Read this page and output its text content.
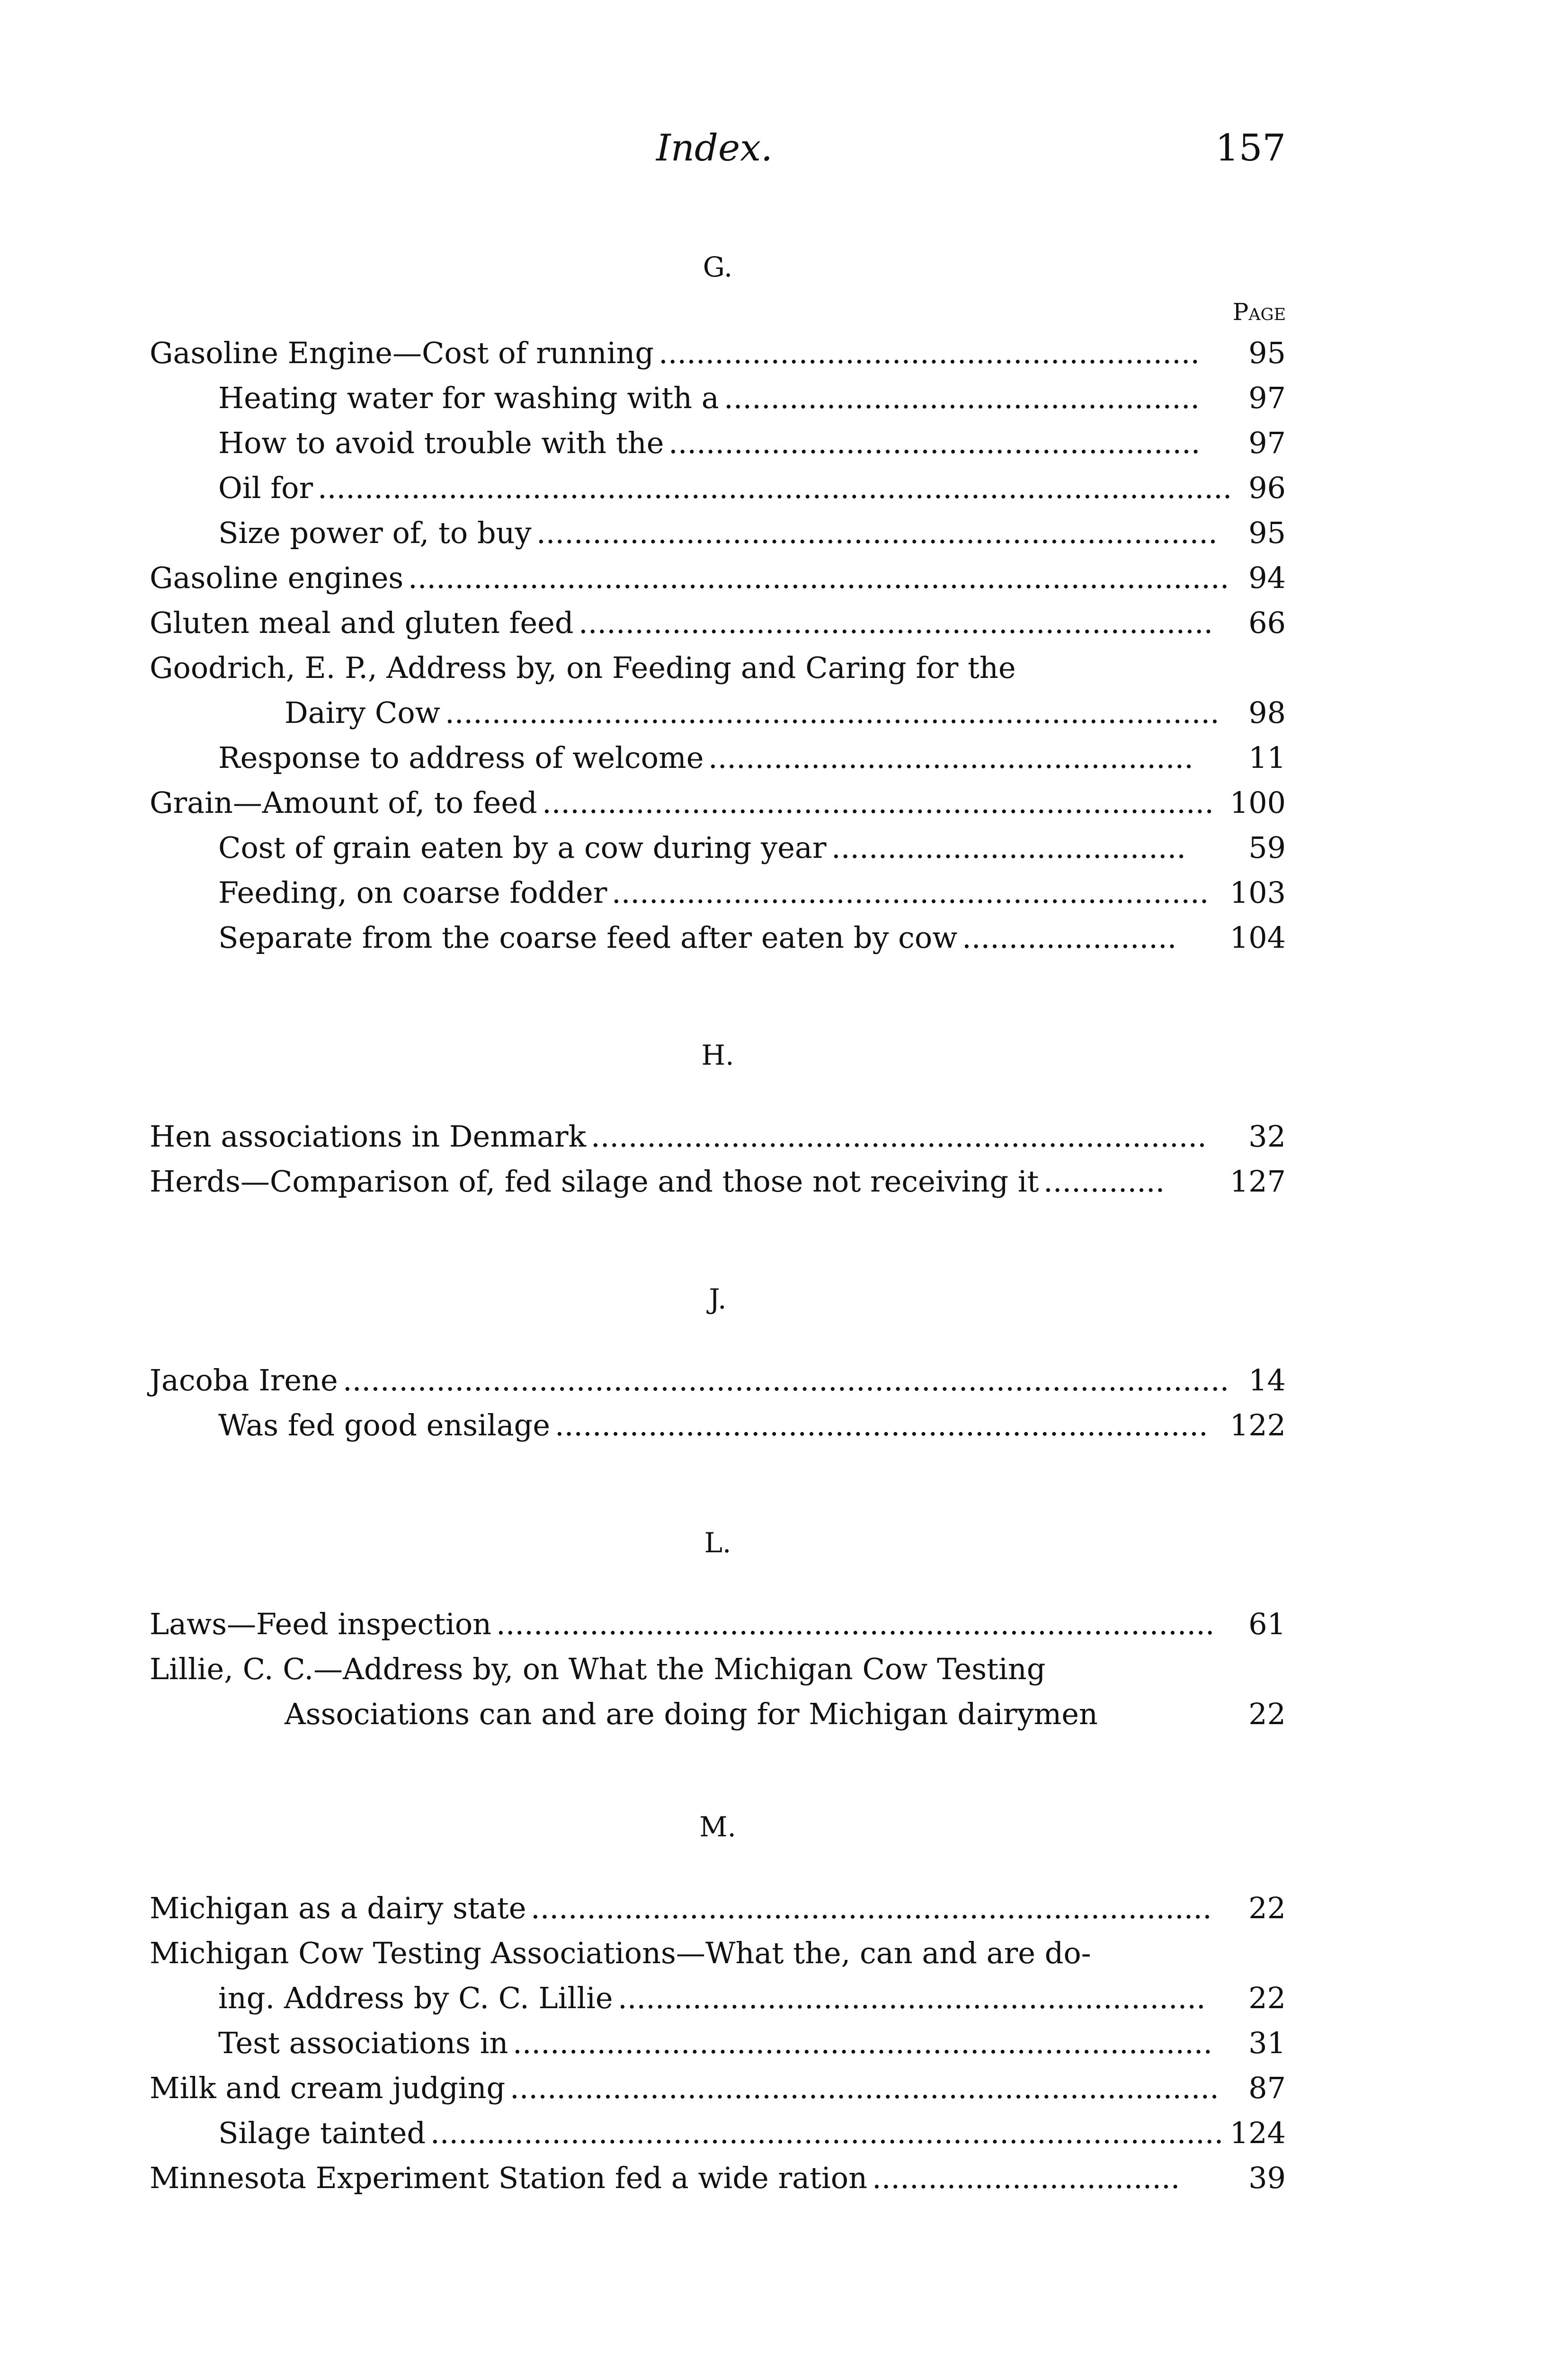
Index.	157
G.
Page
Gasoline Engine—Cost of running ..........................................................	95
Heating water for washing with a ...................................................	97
How to avoid trouble with the .........................................................	97
Oil for .................................................................................................. 96
Size power of, to buy .........................................................................	95
Gasoline engines ........................................................................................ 94
Gluten meal and gluten feed ....................................................................	66
Goodrich, E. P., Address by, on Feeding and Caring for the
Dairy Cow ................................................................................... 98
Response to address of welcome ....................................................	11
Grain—Amount of, to feed ........................................................................ 100
Cost of grain eaten by a cow during year ......................................	59
Feeding, on coarse fodder ................................................................ 103
Separate from the coarse feed after eaten by cow .......................	104
H.
Hen associations in Denmark ..................................................................	32
Herds—Comparison of, fed silage and those not receiving it .............	127
J.
Jacoba Irene ............................................................................................... 14
Was fed good ensilage ...................................................................... 122
L.
Laws—Feed inspection .............................................................................	61
Lillie, C. C.—Address by, on What the Michigan Cow Testing
Associations can and are doing for Michigan dairymen	22
M.
Michigan as a dairy state .........................................................................	22
Michigan Cow Testing Associations—What the, can and are do-
ing. Address by C. C. Lillie ...............................................................	22
Test associations in ...........................................................................	31
Milk and cream judging ............................................................................	87
Silage tainted ..................................................................................... 124
Minnesota Experiment Station fed a wide ration .................................	39
